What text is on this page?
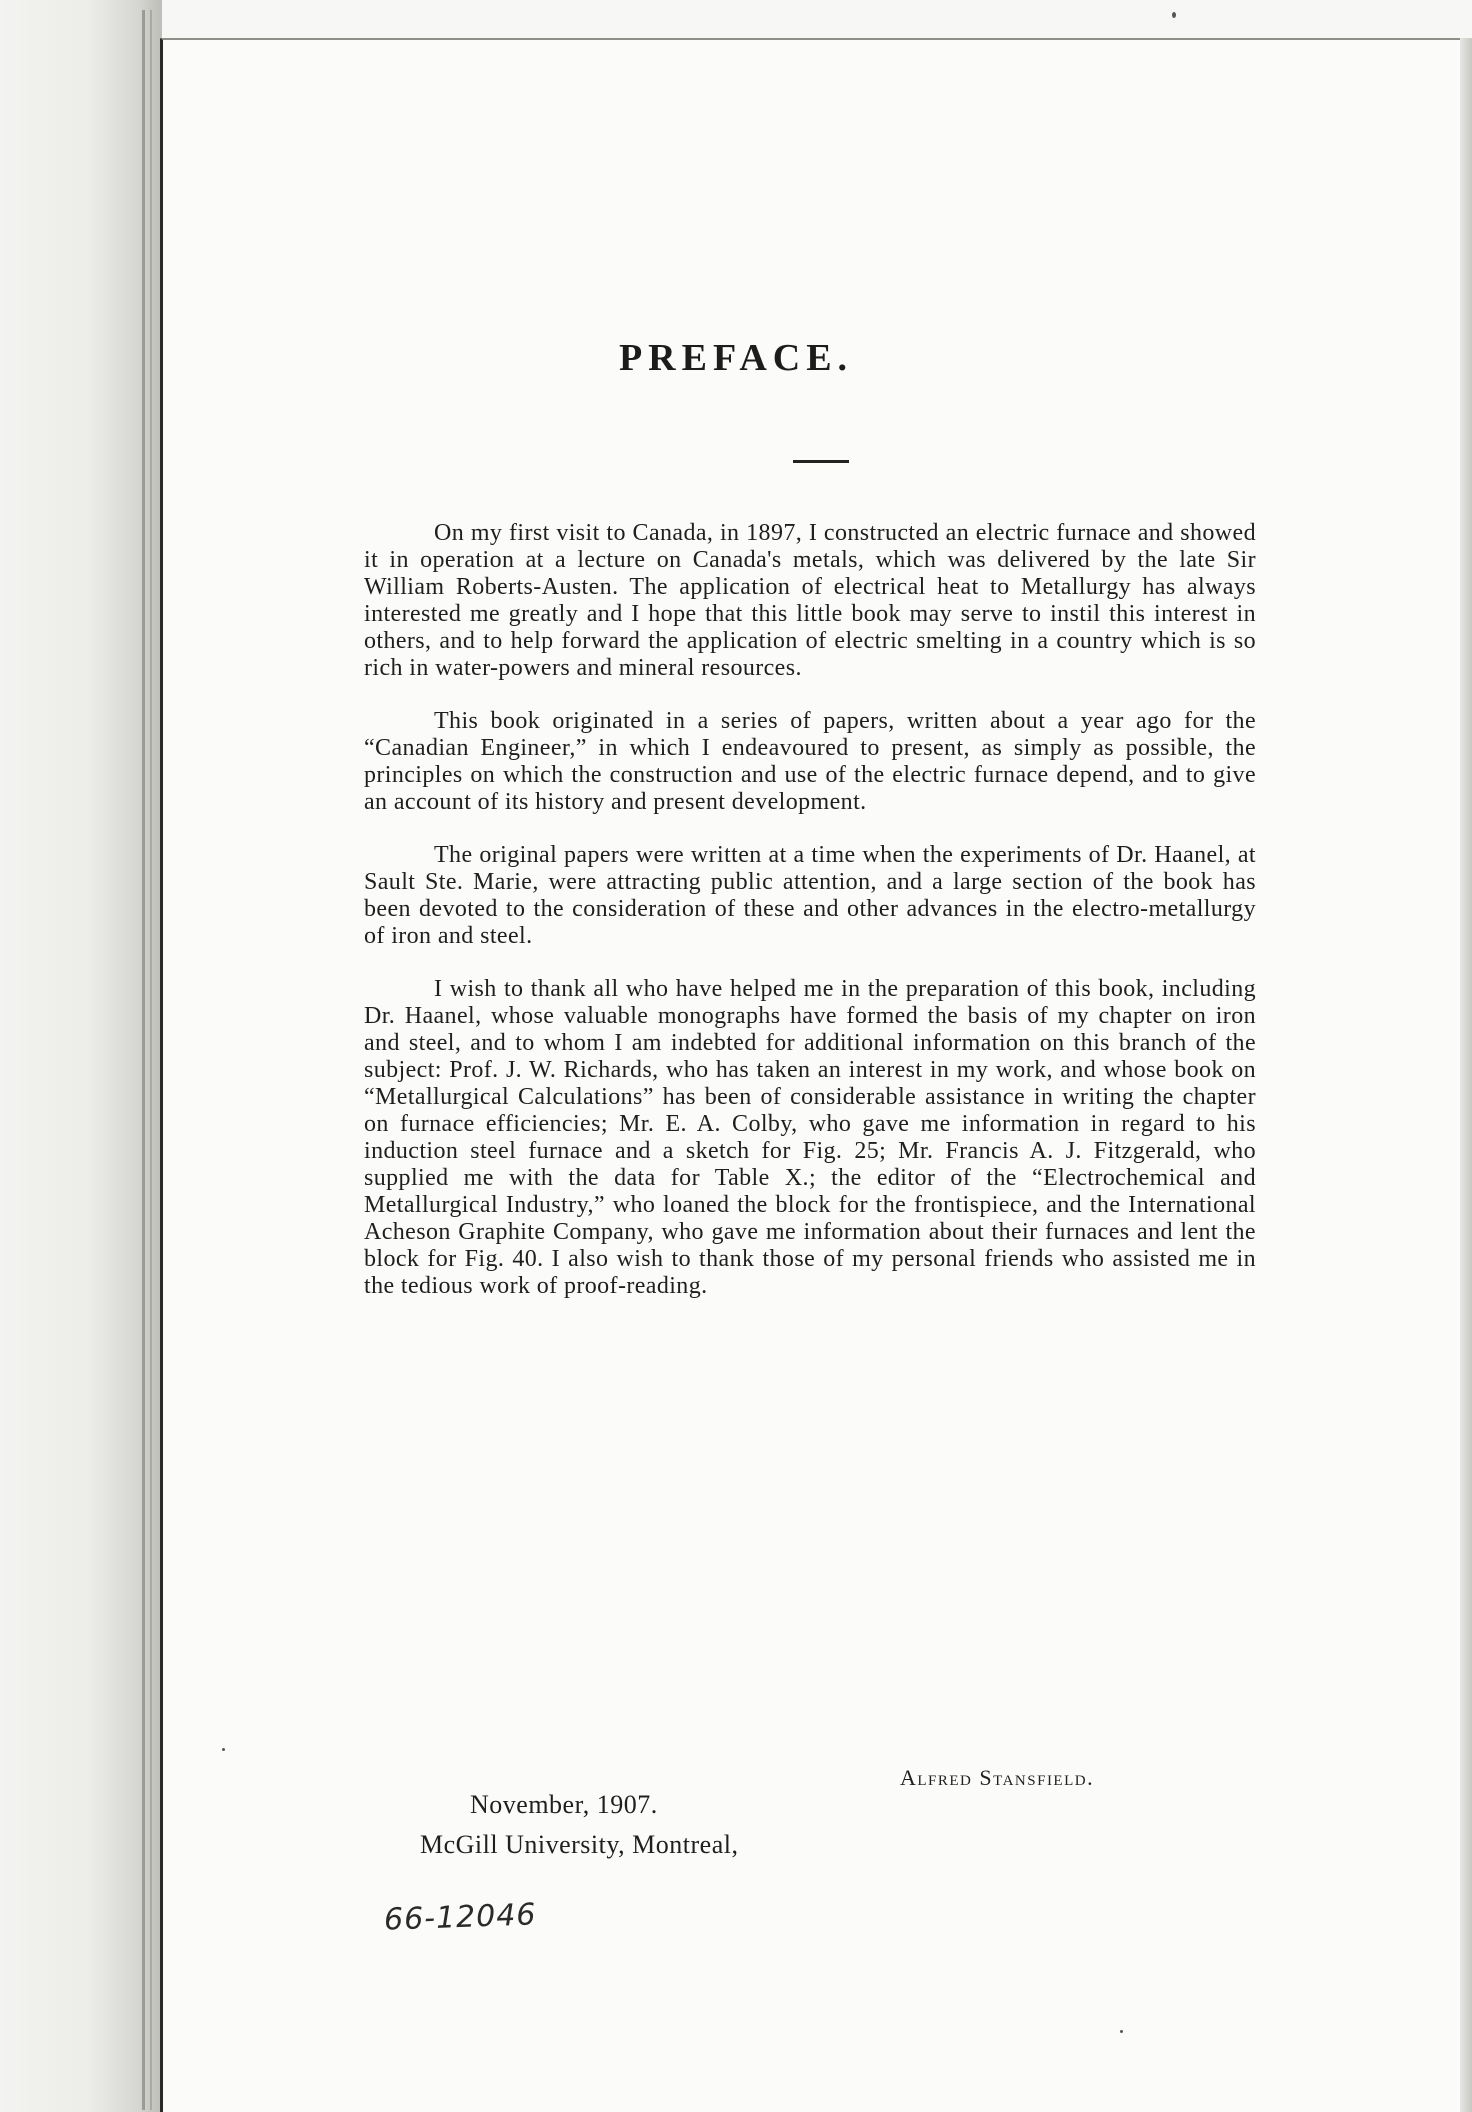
PREFACE.

On my first visit to Canada, in 1897, I constructed an electric furnace and showed it in operation at a lecture on Canada's metals, which was delivered by the late Sir William Roberts-Austen. The application of electrical heat to Metallurgy has always interested me greatly and I hope that this little book may serve to instil this interest in others, and to help forward the application of electric smelting in a country which is so rich in water-powers and mineral resources.

This book originated in a series of papers, written about a year ago for the “Canadian Engineer,” in which I endeavoured to present, as simply as possible, the principles on which the construction and use of the electric furnace depend, and to give an account of its history and present development.

The original papers were written at a time when the experiments of Dr. Haanel, at Sault Ste. Marie, were attracting public attention, and a large section of the book has been devoted to the consideration of these and other advances in the electro-metallurgy of iron and steel.

I wish to thank all who have helped me in the preparation of this book, including Dr. Haanel, whose valuable monographs have formed the basis of my chapter on iron and steel, and to whom I am indebted for additional information on this branch of the subject: Prof. J. W. Richards, who has taken an interest in my work, and whose book on “Metallurgical Calculations” has been of considerable assistance in writing the chapter on furnace efficiencies; Mr. E. A. Colby, who gave me information in regard to his induction steel furnace and a sketch for Fig. 25; Mr. Francis A. J. Fitzgerald, who supplied me with the data for Table X.; the editor of the “Electrochemical and Metallurgical Industry,” who loaned the block for the frontispiece, and the International Acheson Graphite Company, who gave me information about their furnaces and lent the block for Fig. 40. I also wish to thank those of my personal friends who assisted me in the tedious work of proof-reading.

Alfred Stansfield.
November, 1907.
McGill University, Montreal,
66-12046
